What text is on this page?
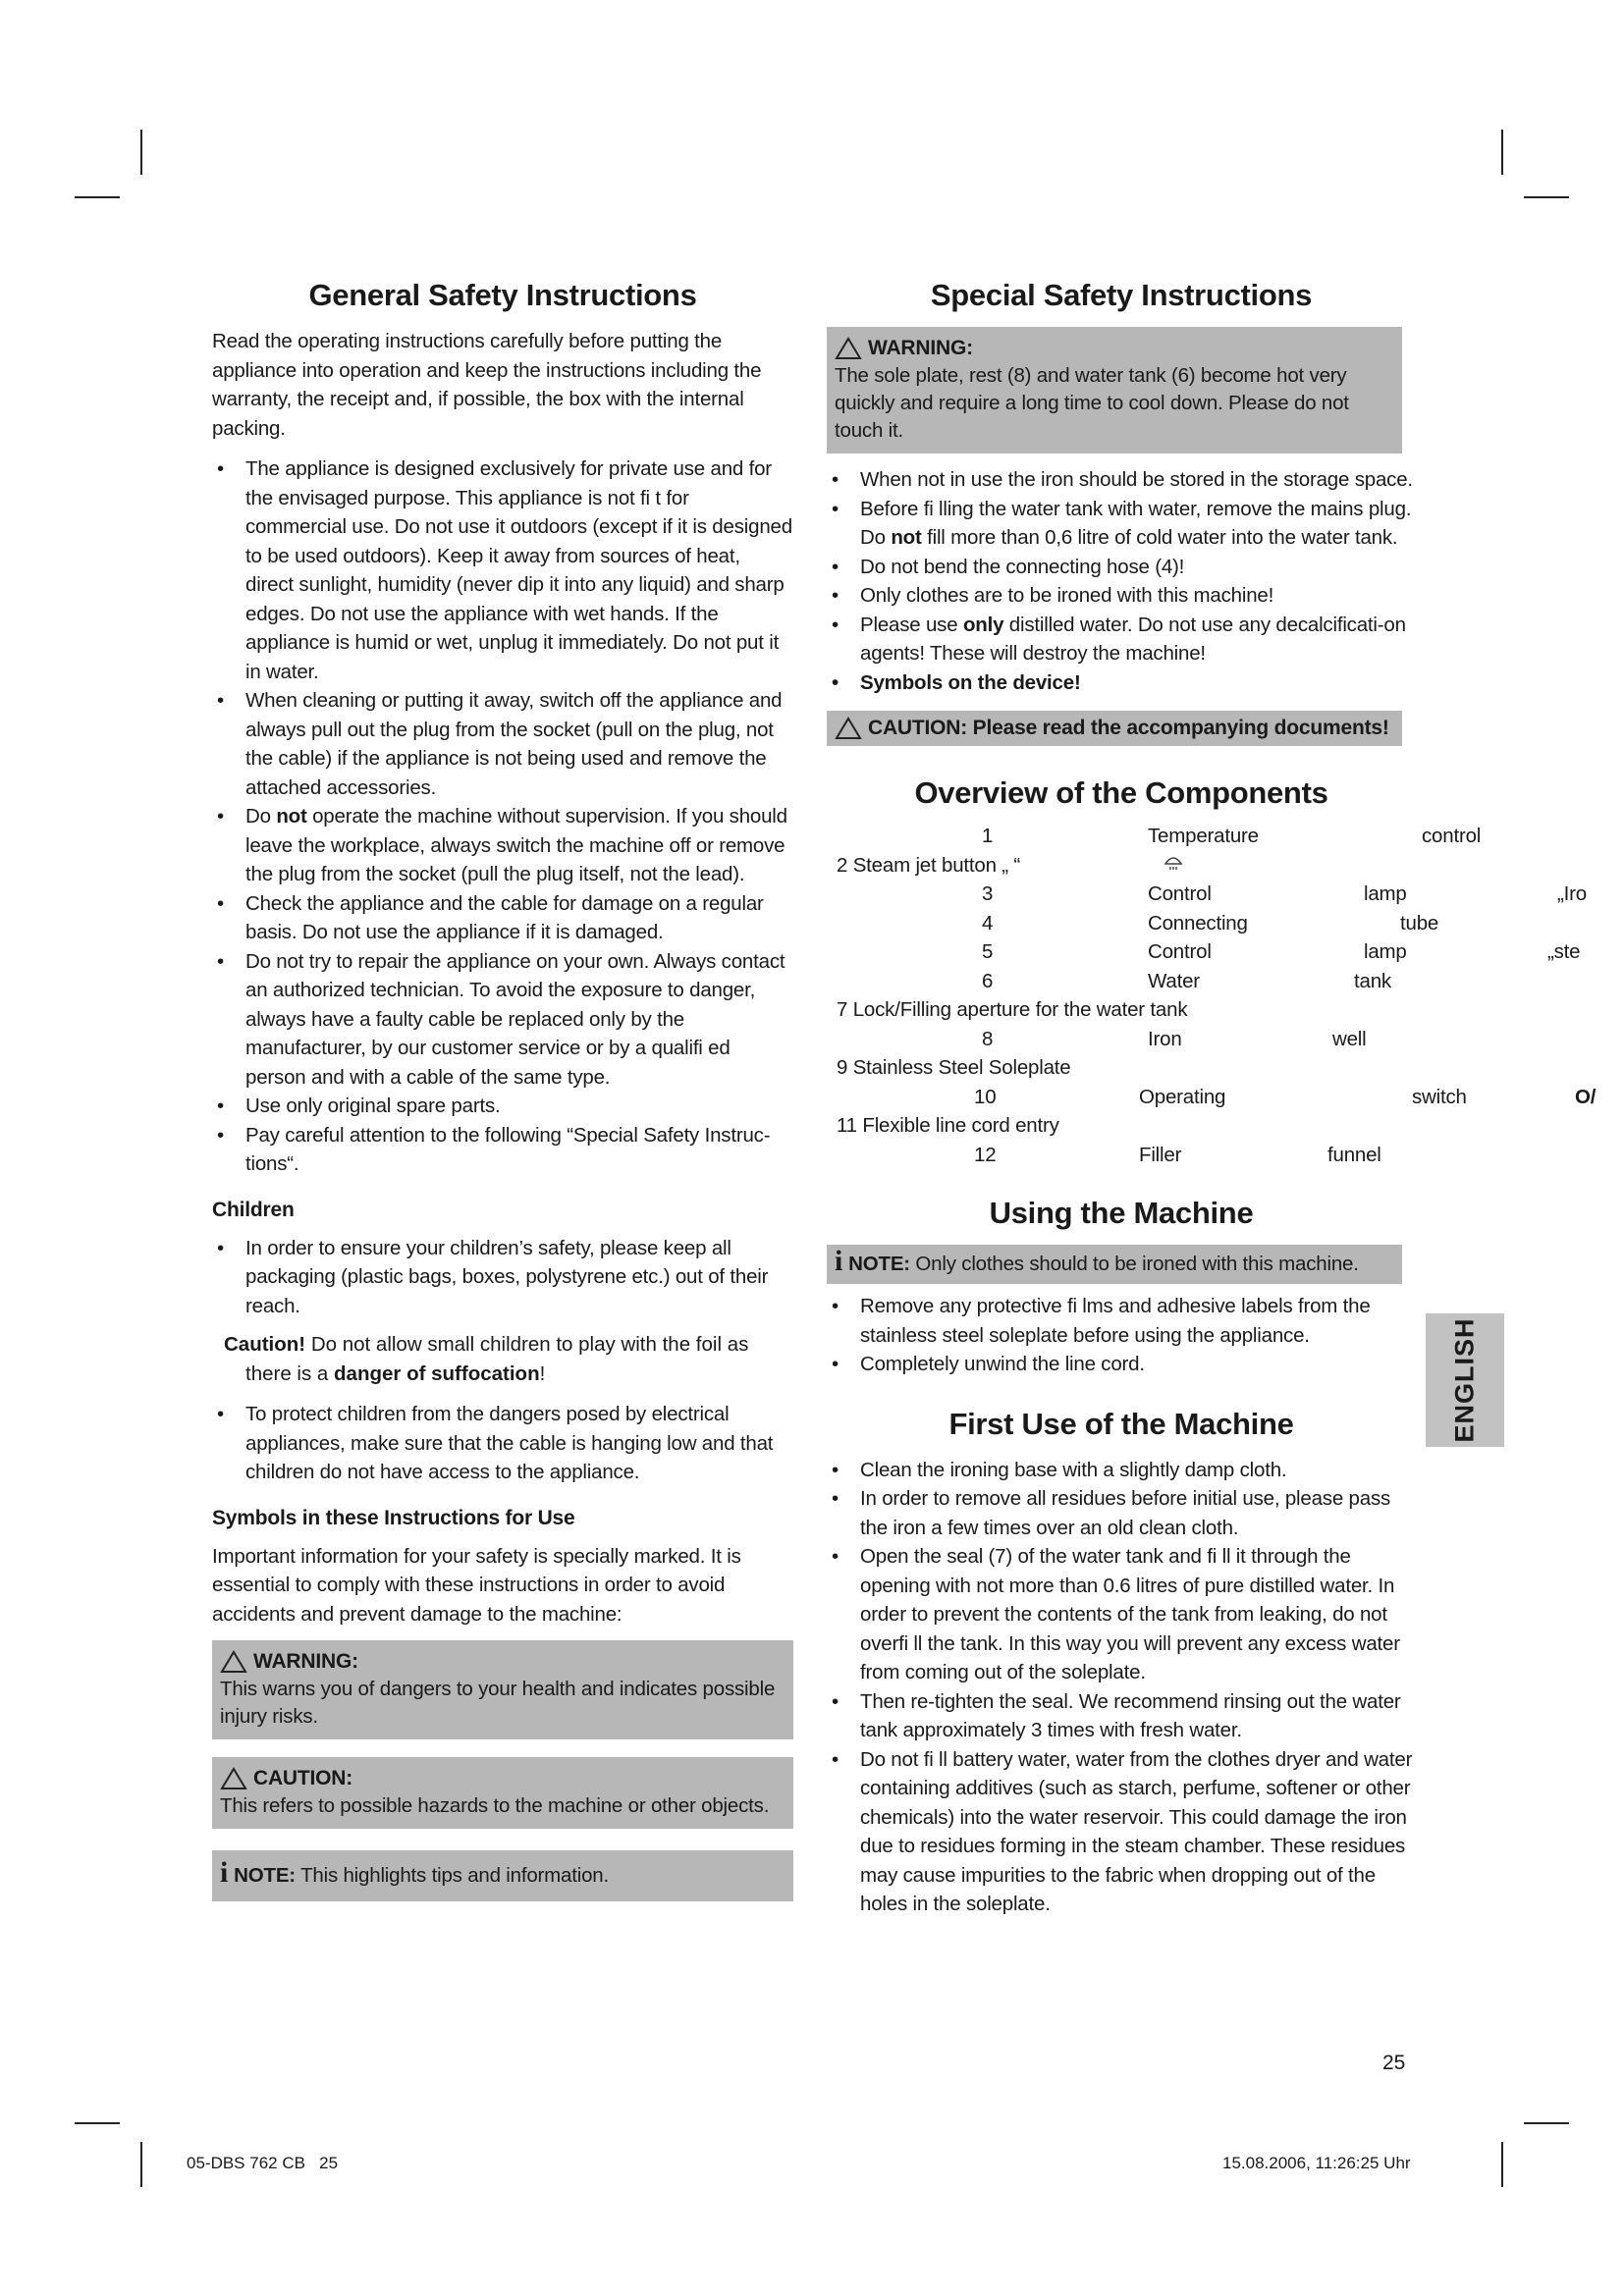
General Safety Instructions

Read the operating instructions carefully before putting the appliance into operation and keep the instructions including the warranty, the receipt and, if possible, the box with the internal packing.

• The appliance is designed exclusively for private use and for the envisaged purpose. This appliance is not fi t for commercial use. Do not use it outdoors (except if it is designed to be used outdoors). Keep it away from sources of heat, direct sunlight, humidity (never dip it into any liquid) and sharp edges. Do not use the appliance with wet hands. If the appliance is humid or wet, unplug it immediately. Do not put it in water.
• When cleaning or putting it away, switch off the appliance and always pull out the plug from the socket (pull on the plug, not the cable) if the appliance is not being used and remove the attached accessories.
• Do not operate the machine without supervision. If you should leave the workplace, always switch the machine off or remove the plug from the socket (pull the plug itself, not the lead).
• Check the appliance and the cable for damage on a regular basis. Do not use the appliance if it is damaged.
• Do not try to repair the appliance on your own. Always contact an authorized technician. To avoid the exposure to danger, always have a faulty cable be replaced only by the manufacturer, by our customer service or by a qualifi ed person and with a cable of the same type.
• Use only original spare parts.
• Pay careful attention to the following “Special Safety Instruc-tions“.
Children
• In order to ensure your children’s safety, please keep all packaging (plastic bags, boxes, polystyrene etc.) out of their reach.

Caution! Do not allow small children to play with the foil as there is a danger of suffocation!

• To protect children from the dangers posed by electrical appliances, make sure that the cable is hanging low and that children do not have access to the appliance.
Symbols in these Instructions for Use

Important information for your safety is specially marked. It is essential to comply with these instructions in order to avoid accidents and prevent damage to the machine:

WARNING:
This warns you of dangers to your health and indicates possible injury risks.
CAUTION:
This refers to possible hazards to the machine or other objects.
i NOTE: This highlights tips and information.
Special Safety Instructions
WARNING:
The sole plate, rest (8) and water tank (6) become hot very quickly and require a long time to cool down. Please do not touch it.
• When not in use the iron should be stored in the storage space.
• Before fi lling the water tank with water, remove the mains plug. Do not fill more than 0,6 litre of cold water into the water tank.
• Do not bend the connecting hose (4)!
• Only clothes are to be ironed with this machine!
• Please use only distilled water. Do not use any decalcificati-on agents! These will destroy the machine!
• Symbols on the device!
CAUTION: Please read the accompanying documents!
Overview of the Components
1	Temperature	control
2 Steam jet button „ “
3	Control	lamp	„Iro
4	Connecting	tube
5	Control	lamp	„ste
6	Water	tank
7 Lock/Filling aperture for the water tank
8	Iron	well
9 Stainless Steel Soleplate
10	Operating	switch	O/
11 Flexible line cord entry
12	Filler	funnel
Using the Machine
i NOTE: Only clothes should to be ironed with this machine.
• Remove any protective fi lms and adhesive labels from the stainless steel soleplate before using the appliance.
• Completely unwind the line cord.
First Use of the Machine
• Clean the ironing base with a slightly damp cloth.
• In order to remove all residues before initial use, please pass the iron a few times over an old clean cloth.
• Open the seal (7) of the water tank and fi ll it through the opening with not more than 0.6 litres of pure distilled water. In order to prevent the contents of the tank from leaking, do not overfi ll the tank. In this way you will prevent any excess water from coming out of the soleplate.
• Then re-tighten the seal. We recommend rinsing out the water tank approximately 3 times with fresh water.
• Do not fi ll battery water, water from the clothes dryer and water containing additives (such as starch, perfume, softener or other chemicals) into the water reservoir. This could damage the iron due to residues forming in the steam chamber. These residues may cause impurities to the fabric when dropping out of the holes in the soleplate.
ENGLISH
25
05-DBS 762 CB   25	15.08.2006, 11:26:25 Uhr
